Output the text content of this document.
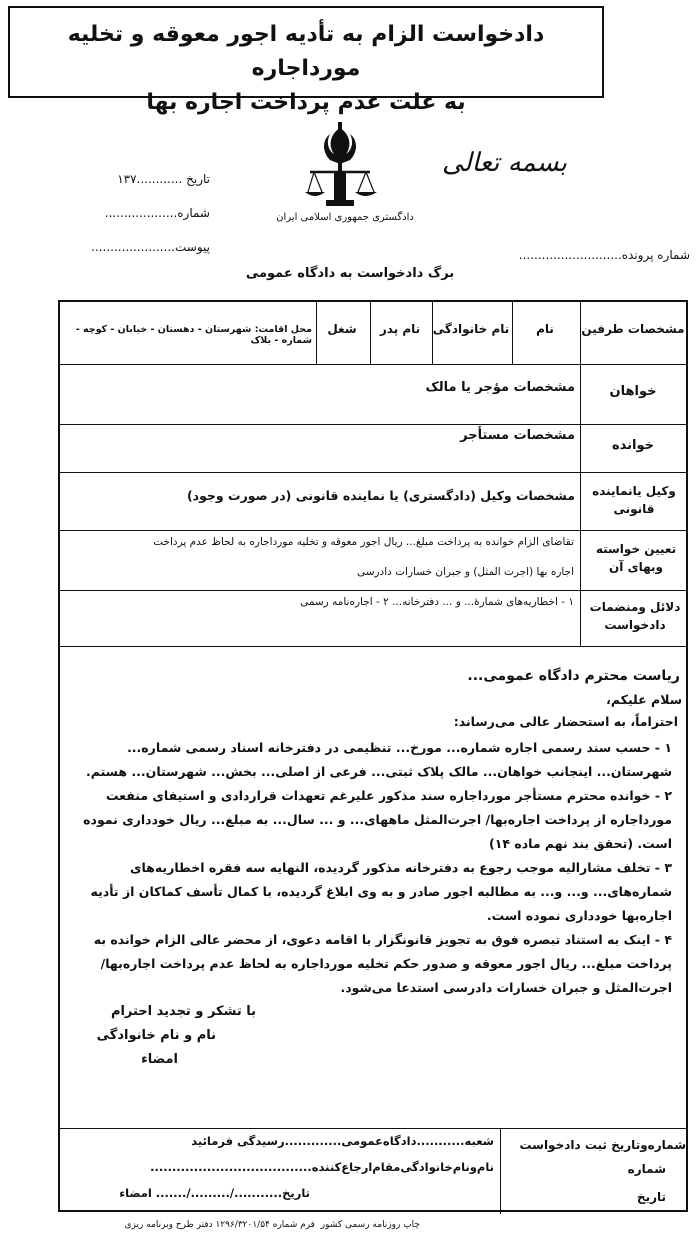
دادخواست الزام به تأدیه اجور معوقه و تخلیه مورداجاره
به علت عدم پرداخت اجاره بها
بسمه تعالی
دادگستری جمهوری اسلامی ایران
تاریخ ............۱۳۷
شماره...................
پیوست......................
شماره پرونده...........................
برگ دادخواست به دادگاه عمومی
مشخصات طرفین
نام
نام خانوادگی
نام پدر
شغل
محل اقامت: شهرستان - دهستان - خیابان - کوچه - شماره - بلاک
خواهان
مشخصات مؤجر یا مالک
خوانده
مشخصات مستأجر
وکیل یانماینده قانونی
مشخصات وکیل (دادگستری) یا نماینده قانونی (در صورت وجود)
تعیین خواسته وبهای آن
تقاضای الزام خوانده به پرداخت مبلغ... ریال اجور معوقه و تخلیه مورداجاره به لحاظ عدم پرداخت
اجاره بها (اجرت المثل) و جبران خسارات دادرسی
دلائل ومنضمات دادخواست
۱ - اخطاریه‌های شمارهٔ... و ... دفترخانه... ۲ - اجاره‌نامه رسمی
ریاست محترم دادگاه عمومی...
سلام علیکم،
احتراماً، به استحضار عالی می‌رساند:
۱ - حسب سند رسمی اجاره شماره... مورخ... تنظیمی در دفترخانه اسناد رسمی شماره...
شهرستان... اینجانب خواهان... مالک پلاک ثبتی... فرعی از اصلی... بخش... شهرستان... هستم.
۲ - خوانده محترم مستأجر مورداجاره سند مذکور علیرغم تعهدات قراردادی و استیفای منفعت
مورداجاره از پرداخت اجاره‌بها/ اجرت‌المثل ماههای... و ... سال... به مبلغ... ریال خودداری نموده
است. (تحقق بند نهم ماده ۱۴)
۳ - تخلف مشارالیه موجب رجوع به دفترخانه مذکور گردیده، النهایه سه فقره اخطاریه‌های
شماره‌های... و... و... به مطالبه اجور صادر و به وی ابلاغ گردیده، با کمال تأسف کماکان از تأدیه
اجاره‌بها خودداری نموده است.
۴ - اینک به استناد تبصره فوق به تجویز قانونگزار با اقامه دعوی، از محضر عالی الزام خوانده به
پرداخت مبلغ... ریال اجور معوقه و صدور حکم تخلیه مورداجاره به لحاظ عدم پرداخت اجاره‌بها/
اجرت‌المثل و جبران خسارات دادرسی استدعا می‌شود.
با تشکر و تجدید احترام
نام و نام خانوادگی
امضاء
شماره‌وتاریخ ثبت دادخواست
شماره
تاریخ
شعبه...........دادگاه‌عمومی.............رسیدگی فرمائید
نام‌ونام‌خانوادگی‌مقام‌ارجاع‌کننده.....................................
تاریخ.........../........./....... امضاء
چاپ روزنامه رسمی کشور
فرم شماره ۱۲۹۶/۳۲۰۱/۵۴ دفتر طرح وبرنامه ریزی
